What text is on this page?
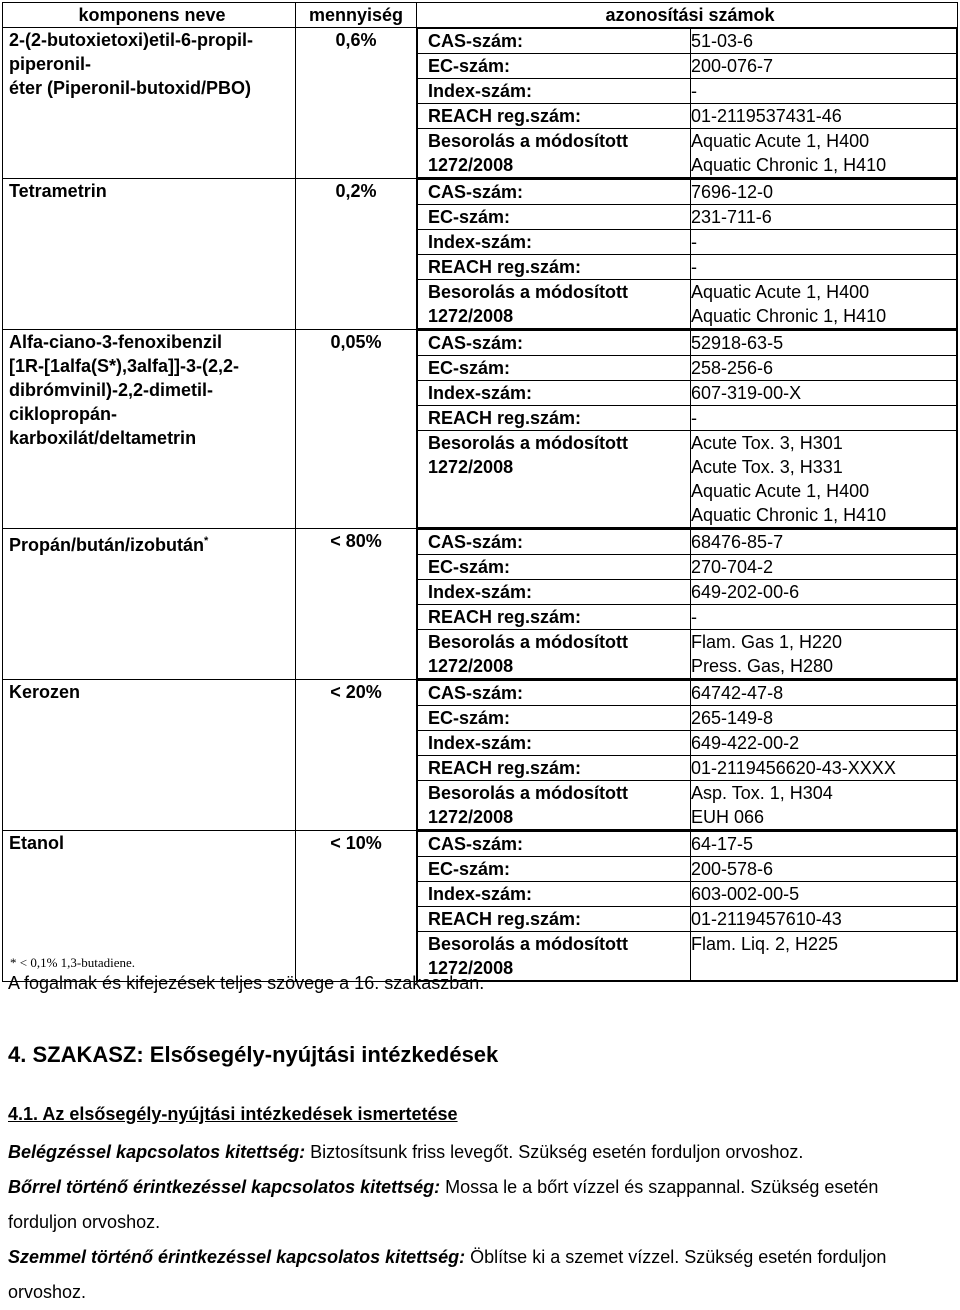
komponens neve	mennyiség	azonosítási számok
2-(2-butoxietoxi)etil-6-propil-
piperonil-
éter (Piperonil-butoxid/PBO)	0,6%		CAS-szám:	51-03-6
EC-szám:	200-076-7
Index-szám:	-
REACH reg.szám:	01-2119537431-46
Besorolás a módosított
1272/2008	Aquatic Acute 1, H400
Aquatic Chronic 1, H410

Tetrametrin	0,2%		CAS-szám:	7696-12-0
EC-szám:	231-711-6
Index-szám:	-
REACH reg.szám:	-
Besorolás a módosított
1272/2008	Aquatic Acute 1, H400
Aquatic Chronic 1, H410

Alfa-ciano-3-fenoxibenzil
[1R-[1alfa(S*),3alfa]]-3-(2,2-
dibrómvinil)-2,2-dimetil-
ciklopropán-
karboxilát/deltametrin	0,05%		CAS-szám:	52918-63-5
EC-szám:	258-256-6
Index-szám:	607-319-00-X
REACH reg.szám:	-
Besorolás a módosított
1272/2008	Acute Tox. 3, H301
Acute Tox. 3, H331
Aquatic Acute 1, H400
Aquatic Chronic 1, H410

Propán/bután/izobután*	< 80%		CAS-szám:	68476-85-7
EC-szám:	270-704-2
Index-szám:	649-202-00-6
REACH reg.szám:	-
Besorolás a módosított
1272/2008	Flam. Gas 1, H220
Press. Gas, H280

Kerozen	< 20%		CAS-szám:	64742-47-8
EC-szám:	265-149-8
Index-szám:	649-422-00-2
REACH reg.szám:	01-2119456620-43-XXXX
Besorolás a módosított
1272/2008	Asp. Tox. 1, H304
EUH 066

Etanol	< 10%		CAS-szám:	64-17-5
EC-szám:	200-578-6
Index-szám:	603-002-00-5
REACH reg.szám:	01-2119457610-43
Besorolás a módosított
1272/2008	Flam. Liq. 2, H225
* < 0,1% 1,3-butadiene.
A fogalmak és kifejezések teljes szövege a 16. szakaszban.
4. SZAKASZ: Elsősegély-nyújtási intézkedések
4.1. Az elsősegély-nyújtási intézkedések ismertetése
Belégzéssel kapcsolatos kitettség: Biztosítsunk friss levegőt. Szükség esetén forduljon orvoshoz.
Bőrrel történő érintkezéssel kapcsolatos kitettség: Mossa le a bőrt vízzel és szappannal. Szükség esetén forduljon orvoshoz.
Szemmel történő érintkezéssel kapcsolatos kitettség: Öblítse ki a szemet vízzel. Szükség esetén forduljon orvoshoz.
